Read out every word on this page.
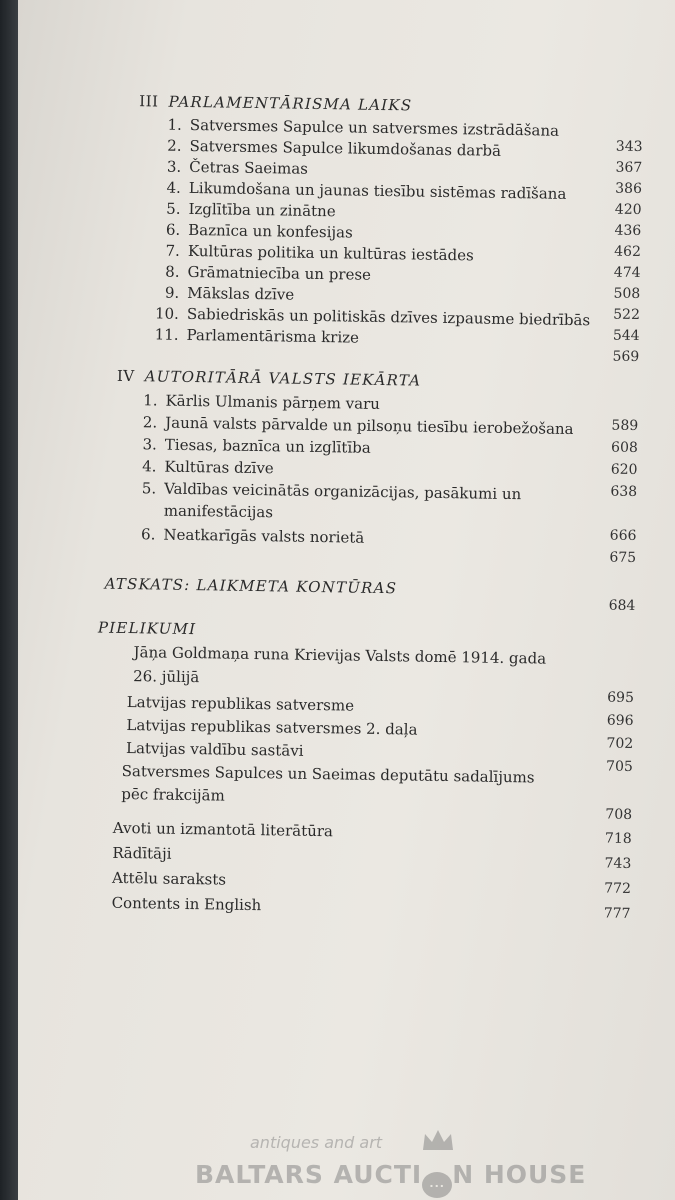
III PARLAMENTĀRISMA LAIKS
1. Satversmes Sapulce un satversmes izstrādāšana
2. Satversmes Sapulce likumdošanas darbā
3. Četras Saeimas
4. Likumdošana un jaunas tiesību sistēmas radīšana
5. Izglītība un zinātne
6. Baznīca un konfesijas
7. Kultūras politika un kultūras iestādes
8. Grāmatniecība un prese
9. Mākslas dzīve
10. Sabiedriskās un politiskās dzīves izpausme biedrībās
11. Parlamentārisma krize
343
367
386
420
436
462
474
508
522
544
569
IV AUTORITĀRĀ VALSTS IEKĀRTA
1. Kārlis Ulmanis pārņem varu
2. Jaunā valsts pārvalde un pilsoņu tiesību ierobežošana
3. Tiesas, baznīca un izglītība
4. Kultūras dzīve
5. Valdības veicinātās organizācijas, pasākumi un
manifestācijas
6. Neatkarīgās valsts norietā
589
608
620
638
666
675
ATSKATS: LAIKMETA KONTŪRAS
684
PIELIKUMI
Jāņa Goldmaņa runa Krievijas Valsts domē 1914. gada
26. jūlijā
Latvijas republikas satversme
Latvijas republikas satversmes 2. daļa
Latvijas valdību sastāvi
Satversmes Sapulces un Saeimas deputātu sadalījums
pēc frakcijām
695
696
702
705
708
Avoti un izmantotā literātūra
Rādītāji
Attēlu saraksts
Contents in English
718
743
772
777
antiques and art
BALTARS AUCTI ... N HOUSE
